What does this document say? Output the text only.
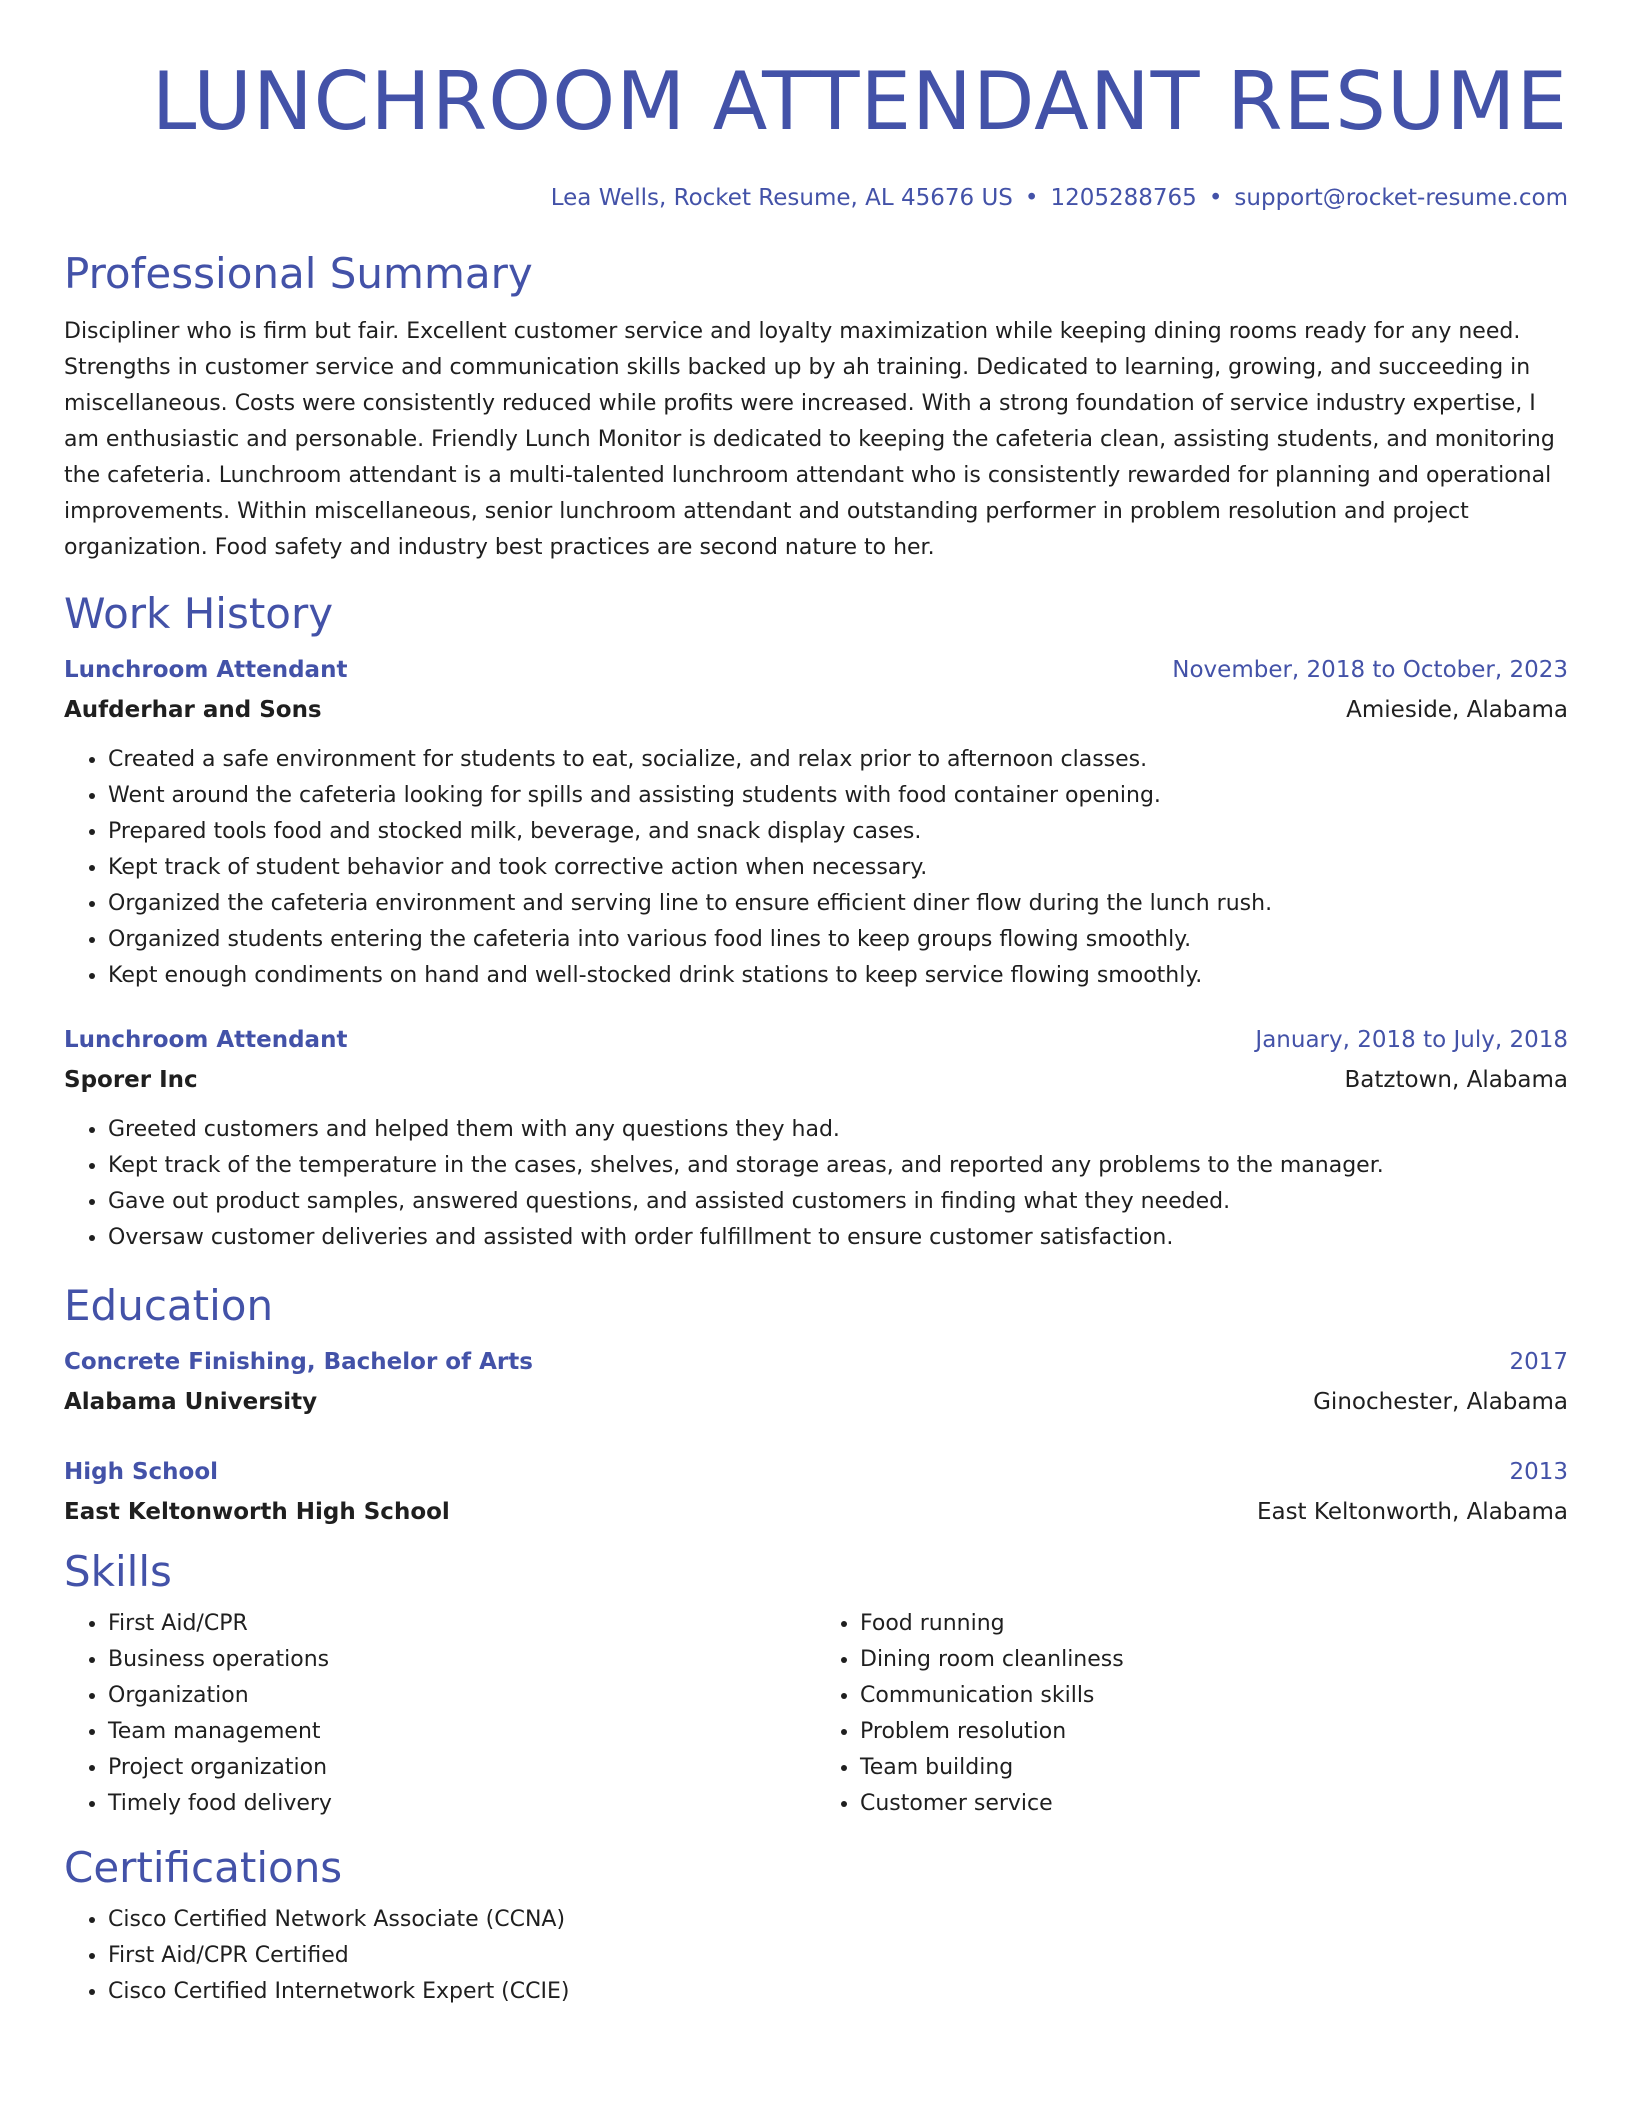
LUNCHROOM ATTENDANT RESUME
Lea Wells, Rocket Resume, AL 45676 US • 1205288765 • support@rocket-resume.com
Professional Summary

Discipliner who is firm but fair. Excellent customer service and loyalty maximization while keeping dining rooms ready for any need. Strengths in customer service and communication skills backed up by ah training. Dedicated to learning, growing, and succeeding in miscellaneous. Costs were consistently reduced while profits were increased. With a strong foundation of service industry expertise, I am enthusiastic and personable. Friendly Lunch Monitor is dedicated to keeping the cafeteria clean, assisting students, and monitoring the cafeteria. Lunchroom attendant is a multi-talented lunchroom attendant who is consistently rewarded for planning and operational improvements. Within miscellaneous, senior lunchroom attendant and outstanding performer in problem resolution and project organization. Food safety and industry best practices are second nature to her.

Work History
Lunchroom Attendant	November, 2018 to October, 2023
Aufderhar and Sons	Amieside, Alabama
• Created a safe environment for students to eat, socialize, and relax prior to afternoon classes.
• Went around the cafeteria looking for spills and assisting students with food container opening.
• Prepared tools food and stocked milk, beverage, and snack display cases.
• Kept track of student behavior and took corrective action when necessary.
• Organized the cafeteria environment and serving line to ensure efficient diner flow during the lunch rush.
• Organized students entering the cafeteria into various food lines to keep groups flowing smoothly.
• Kept enough condiments on hand and well-stocked drink stations to keep service flowing smoothly.
Lunchroom Attendant	January, 2018 to July, 2018
Sporer Inc	Batztown, Alabama
• Greeted customers and helped them with any questions they had.
• Kept track of the temperature in the cases, shelves, and storage areas, and reported any problems to the manager.
• Gave out product samples, answered questions, and assisted customers in finding what they needed.
• Oversaw customer deliveries and assisted with order fulfillment to ensure customer satisfaction.
Education
Concrete Finishing, Bachelor of Arts	2017
Alabama University	Ginochester, Alabama
High School	2013
East Keltonworth High School	East Keltonworth, Alabama
Skills
• First Aid/CPR
• Business operations
• Organization
• Team management
• Project organization
• Timely food delivery
• Food running
• Dining room cleanliness
• Communication skills
• Problem resolution
• Team building
• Customer service
Certifications
• Cisco Certified Network Associate (CCNA)
• First Aid/CPR Certified
• Cisco Certified Internetwork Expert (CCIE)
